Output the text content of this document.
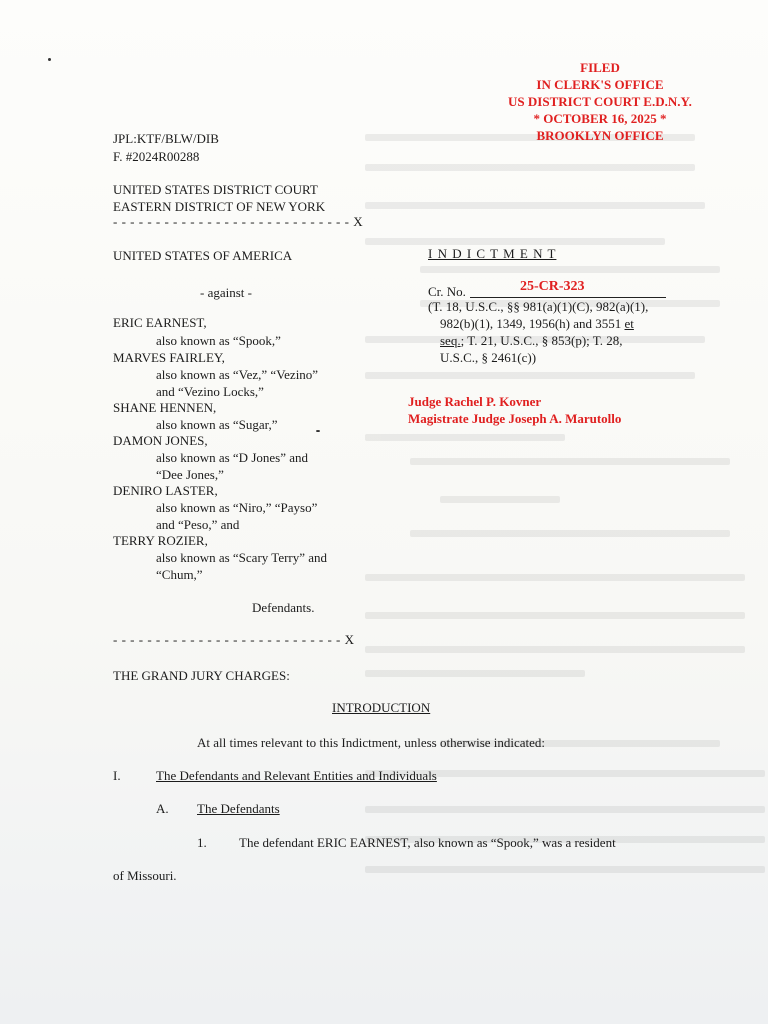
FILED
IN CLERK'S OFFICE
US DISTRICT COURT E.D.N.Y.
* OCTOBER 16, 2025 *
BROOKLYN OFFICE
JPL:KTF/BLW/DIB
F. #2024R00288
UNITED STATES DISTRICT COURT
EASTERN DISTRICT OF NEW YORK
- - - - - - - - - - - - - - - - - - - - - - - - - - - - X
UNITED STATES OF AMERICA
- against -
ERIC EARNEST,
also known as “Spook,”
MARVES FAIRLEY,
also known as “Vez,” “Vezino”
and “Vezino Locks,”
SHANE HENNEN,
also known as “Sugar,”
DAMON JONES,
also known as “D Jones” and
“Dee Jones,”
DENIRO LASTER,
also known as “Niro,” “Payso”
and “Peso,” and
TERRY ROZIER,
also known as “Scary Terry” and
“Chum,”
Defendants.
- - - - - - - - - - - - - - - - - - - - - - - - - - - X
I N D I C T M E N T
Cr. No.	25-CR-323
(T. 18, U.S.C., §§ 981(a)(1)(C), 982(a)(1),
982(b)(1), 1349, 1956(h) and 3551 et
seq.; T. 21, U.S.C., § 853(p); T. 28,
U.S.C., § 2461(c))
Judge Rachel P. Kovner
Magistrate Judge Joseph A. Marutollo
THE GRAND JURY CHARGES:
INTRODUCTION
At all times relevant to this Indictment, unless otherwise indicated:
I.	The Defendants and Relevant Entities and Individuals
A. The Defendants
1. The defendant ERIC EARNEST, also known as “Spook,” was a resident
of Missouri.
